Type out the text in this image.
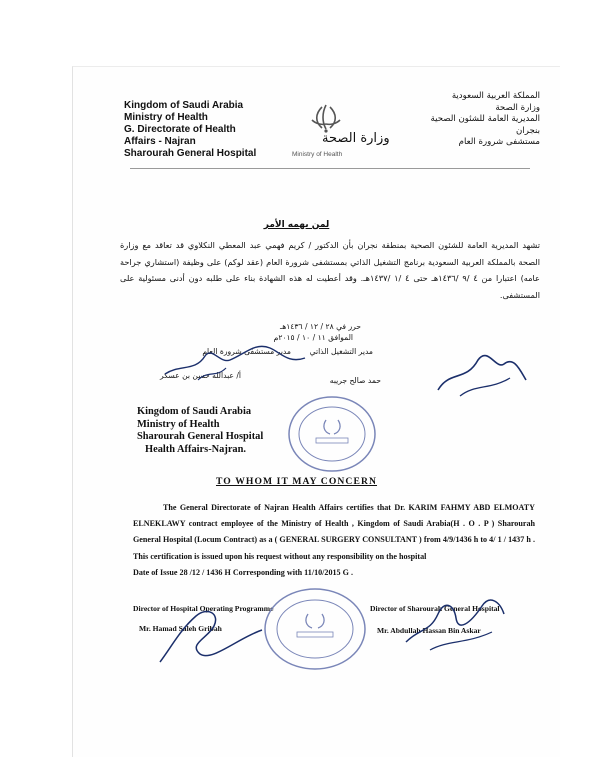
Kingdom of Saudi Arabia
Ministry of Health
G. Directorate of Health
Affairs - Najran
Sharourah General Hospital
وزارة الصحة
Ministry of Health
المملكة العربية السعودية
وزارة الصحة
المديرية العامة للشئون الصحية
بنجران
مستشفى شرورة العام
لمن يهمه الأمر
تشهد المديرية العامة للشئون الصحية بمنطقة نجران بأن الدكتور / كريم فهمي عبد المعطي النكلاوي قد تعاقد مع وزارة الصحة بالمملكة العربية السعودية برنامج التشغيل الذاتي بمستشفى شرورة العام (عقد لوكم) على وظيفة (استشاري جراحة عامه) اعتبارا من ٤ /٩ /١٤٣٦هـ حتى ٤ /١ /١٤٣٧هـ. وقد أعطيت له هذه الشهادة بناء على طلبه دون أدنى مسئولية على المستشفى.
حرر في ٢٨ / ١٢ / ١٤٣٦هـ
الموافق ١١ / ١٠ / ٢٠١٥م
مدير التشغيل الذاتي
حمد صالح جريبه
مدير مستشفى شرورة العام
أ/ عبدالله حسن بن عسكر
Kingdom of Saudi Arabia
Ministry of Health
Sharourah General Hospital
Health Affairs-Najran.
TO WHOM IT MAY CONCERN

The General Directorate of Najran Health Affairs certifies that Dr. KARIM FAHMY ABD ELMOATY ELNEKLAWY contract employee of the Ministry of Health , Kingdom of Saudi Arabia(H . O . P ) Sharourah General Hospital (Locum Contract) as a ( GENERAL SURGERY CONSULTANT ) from 4/9/1436 h to 4/ 1 / 1437 h . This certification is issued upon his request without any responsibility on the hospital

Date of Issue 28 /12 / 1436 H Corresponding with 11/10/2015 G .

Director of Hospital Operating Programme
Mr. Hamad Saleh Gribah
Director of Sharourah General Hospital
Mr. Abdullah Hassan Bin Askar
